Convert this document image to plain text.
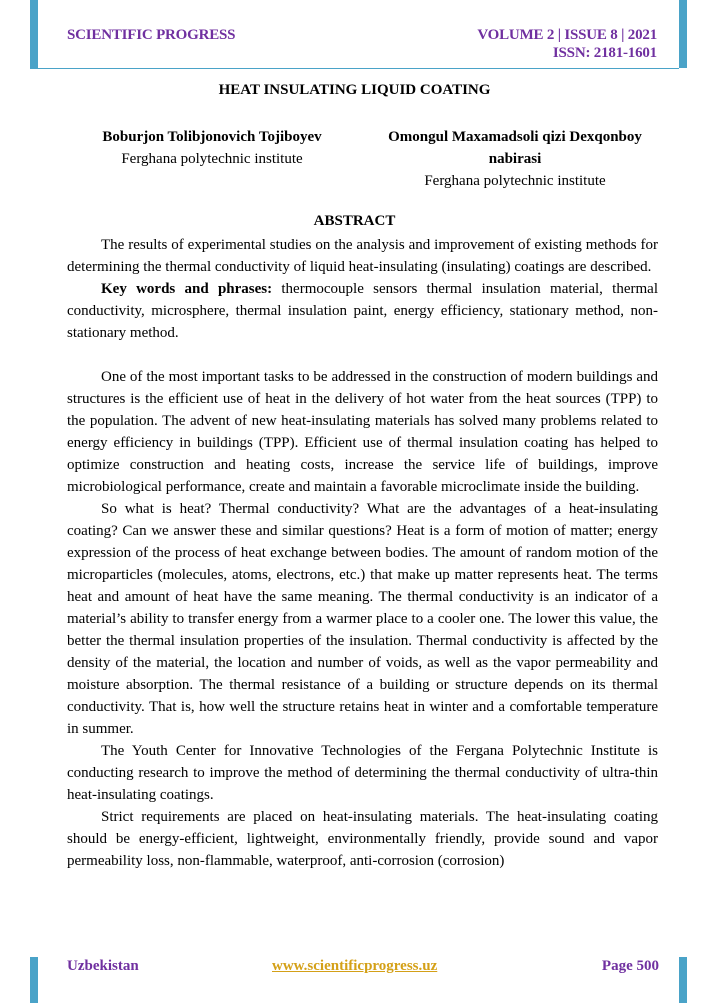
SCIENTIFIC PROGRESS	VOLUME 2 | ISSUE 8 | 2021
ISSN: 2181-1601
HEAT INSULATING LIQUID COATING
Boburjon Tolibjonovich Tojiboyev
Ferghana polytechnic institute
Omongul Maxamadsoli qizi Dexqonboy
nabirasi
Ferghana polytechnic institute
ABSTRACT

The results of experimental studies on the analysis and improvement of existing methods for determining the thermal conductivity of liquid heat-insulating (insulating) coatings are described.

Key words and phrases: thermocouple sensors thermal insulation material, thermal conductivity, microsphere, thermal insulation paint, energy efficiency, stationary method, non-stationary method.

One of the most important tasks to be addressed in the construction of modern buildings and structures is the efficient use of heat in the delivery of hot water from the heat sources (TPP) to the population. The advent of new heat-insulating materials has solved many problems related to energy efficiency in buildings (TPP). Efficient use of thermal insulation coating has helped to optimize construction and heating costs, increase the service life of buildings, improve microbiological performance, create and maintain a favorable microclimate inside the building.

So what is heat? Thermal conductivity? What are the advantages of a heat-insulating coating? Can we answer these and similar questions? Heat is a form of motion of matter; energy expression of the process of heat exchange between bodies. The amount of random motion of the microparticles (molecules, atoms, electrons, etc.) that make up matter represents heat. The terms heat and amount of heat have the same meaning. The thermal conductivity is an indicator of a material’s ability to transfer energy from a warmer place to a cooler one. The lower this value, the better the thermal insulation properties of the insulation. Thermal conductivity is affected by the density of the material, the location and number of voids, as well as the vapor permeability and moisture absorption. The thermal resistance of a building or structure depends on its thermal conductivity. That is, how well the structure retains heat in winter and a comfortable temperature in summer.

The Youth Center for Innovative Technologies of the Fergana Polytechnic Institute is conducting research to improve the method of determining the thermal conductivity of ultra-thin heat-insulating coatings.

Strict requirements are placed on heat-insulating materials. The heat-insulating coating should be energy-efficient, lightweight, environmentally friendly, provide sound and vapor permeability loss, non-flammable, waterproof, anti-corrosion (corrosion)

Uzbekistan	www.scientificprogress.uz	Page 500
